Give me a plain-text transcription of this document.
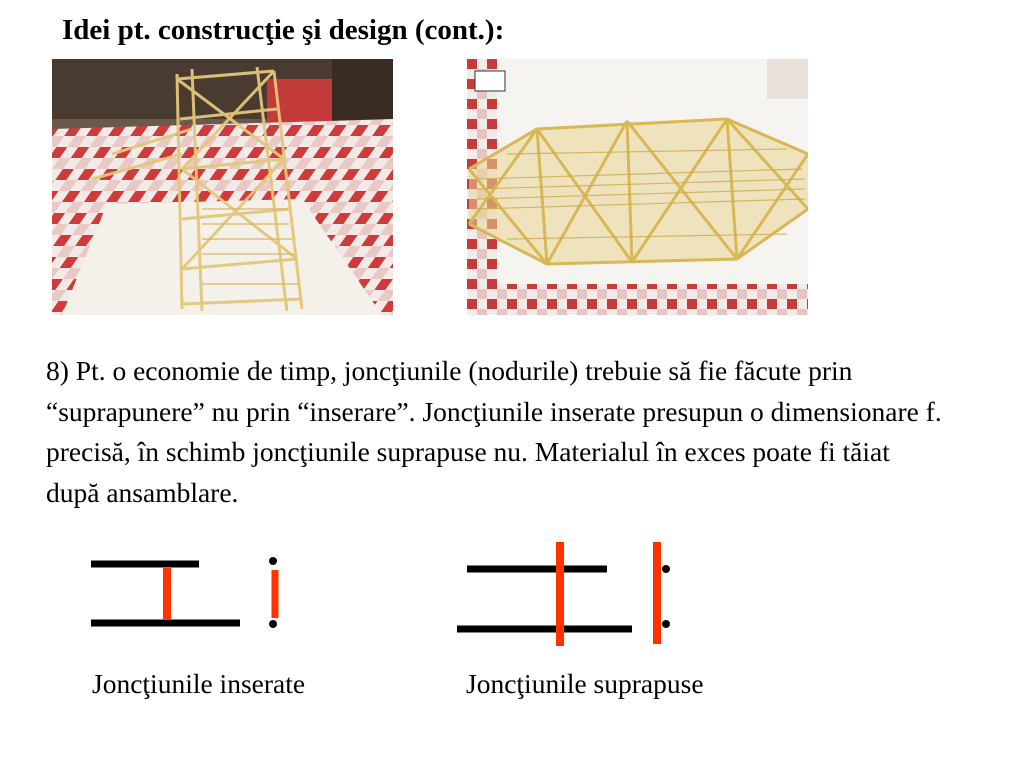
Idei pt. construcţie şi design (cont.):

8) Pt. o economie de timp, joncţiunile (nodurile) trebuie să fie făcute prin “suprapunere” nu prin “inserare”. Joncţiunile inserate presupun o dimensionare f. precisă, în schimb joncţiunile suprapuse nu. Materialul în exces poate fi tăiat după ansamblare.

Joncţiunile inserate	Joncţiunile suprapuse
